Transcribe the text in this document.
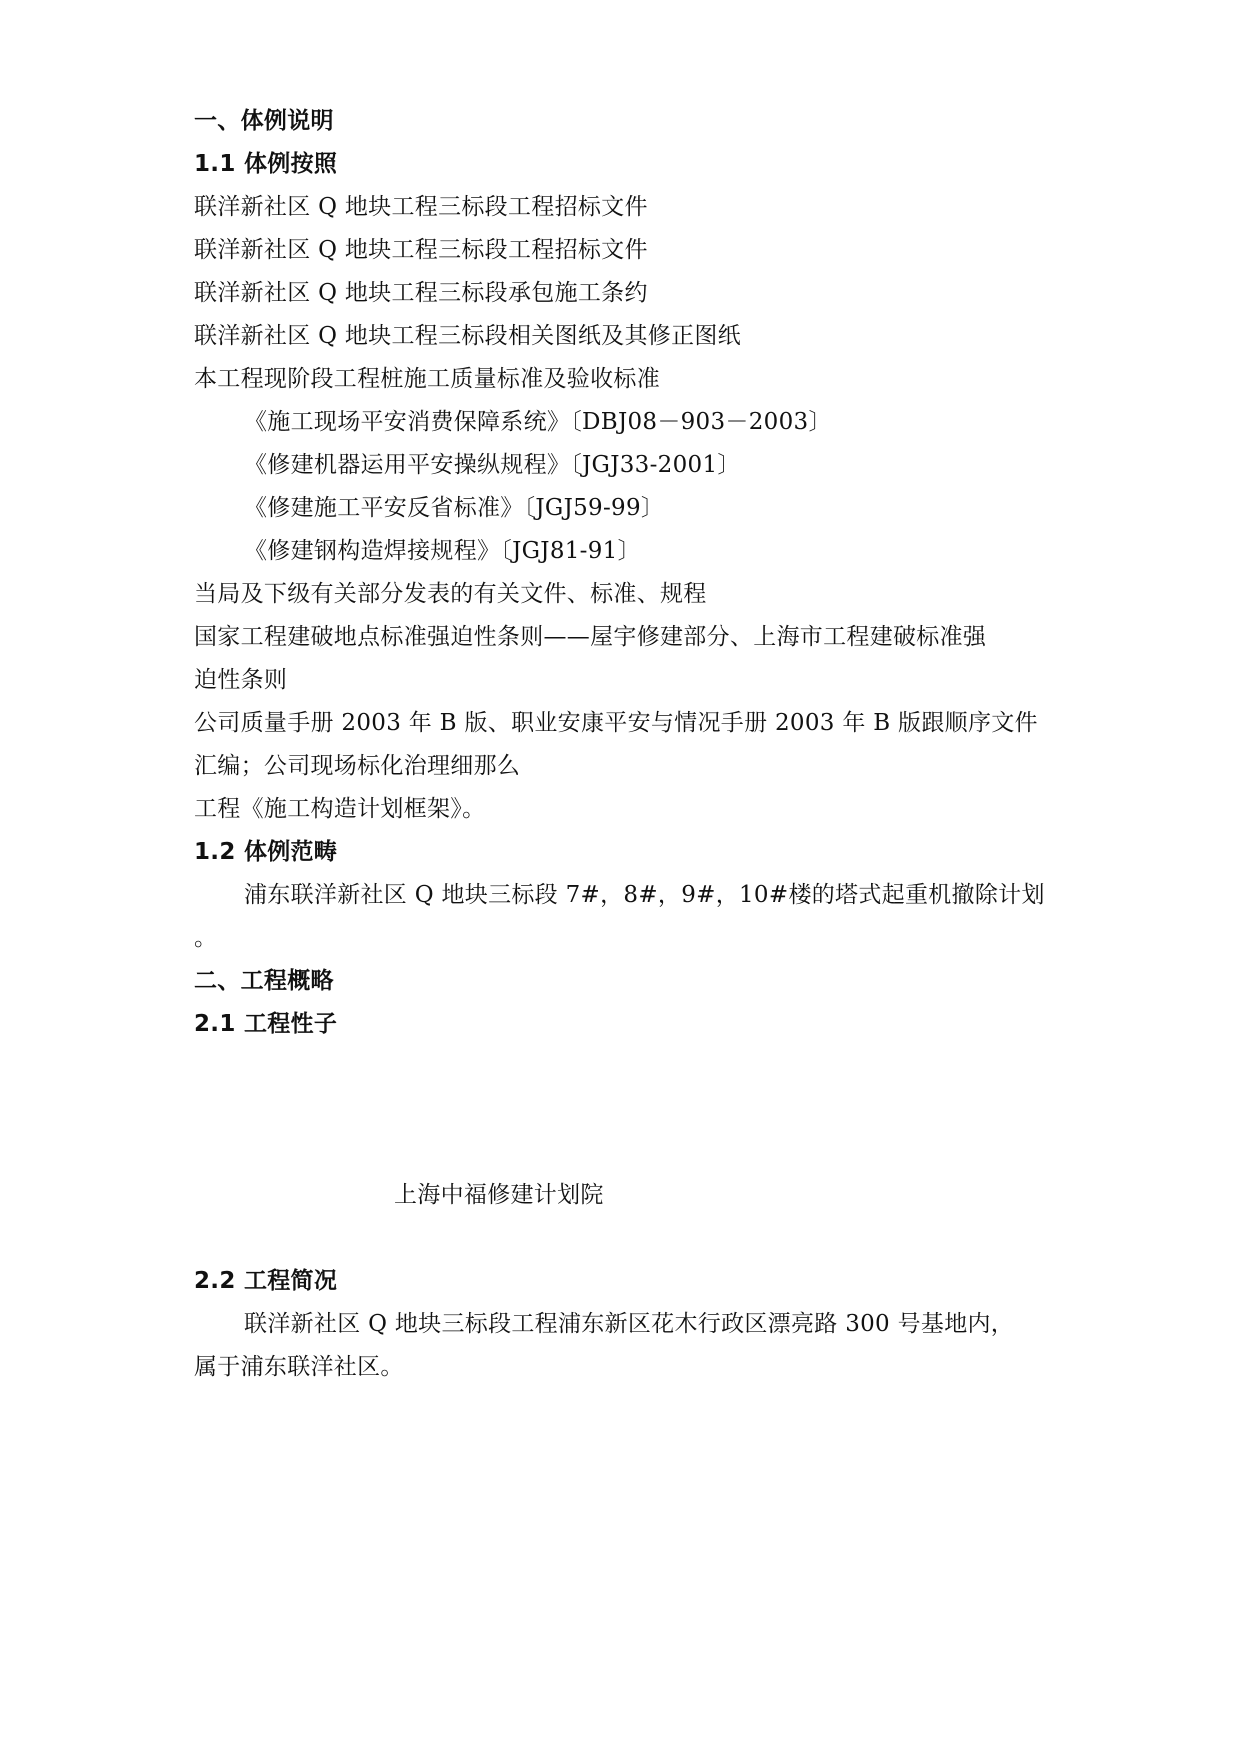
一、体例说明
1.1 体例按照
联洋新社区 Q 地块工程三标段工程招标文件
联洋新社区 Q 地块工程三标段工程招标文件
联洋新社区 Q 地块工程三标段承包施工条约
联洋新社区 Q 地块工程三标段相关图纸及其修正图纸
本工程现阶段工程桩施工质量标准及验收标准
《施工现场平安消费保障系统》〔DBJ08－903－2003〕
《修建机器运用平安操纵规程》〔JGJ33-2001〕
《修建施工平安反省标准》〔JGJ59-99〕
《修建钢构造焊接规程》〔JGJ81-91〕
当局及下级有关部分发表的有关文件、标准、规程
国家工程建破地点标准强迫性条则——屋宇修建部分、上海市工程建破标准强
迫性条则
公司质量手册 2003 年 B 版、职业安康平安与情况手册 2003 年 B 版跟顺序文件
汇编；公司现场标化治理细那么
工程《施工构造计划框架》。
1.2 体例范畴
浦东联洋新社区 Q 地块三标段 7#，8#，9#，10#楼的塔式起重机撤除计划
。
二、工程概略
2.1 工程性子
上海中福修建计划院
2.2 工程简况
联洋新社区 Q 地块三标段工程浦东新区花木行政区漂亮路 300 号基地内，
属于浦东联洋社区。
